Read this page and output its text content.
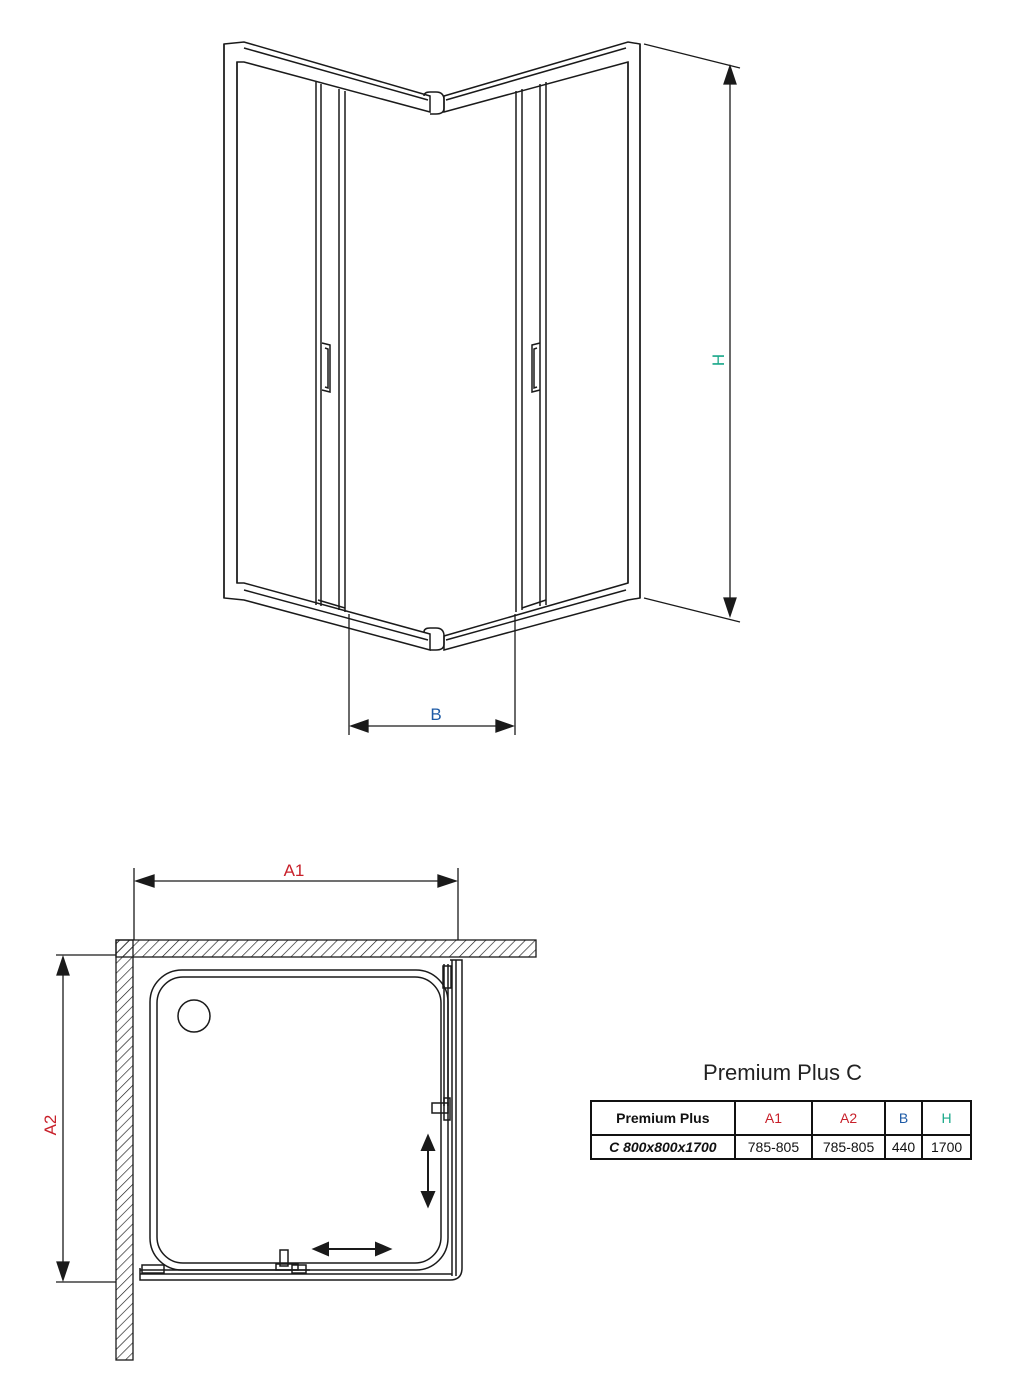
H
B
A1
A2
Premium Plus C
Premium Plus	A1	A2	B	H
C 800x800x1700	785-805	785-805	440	1700
